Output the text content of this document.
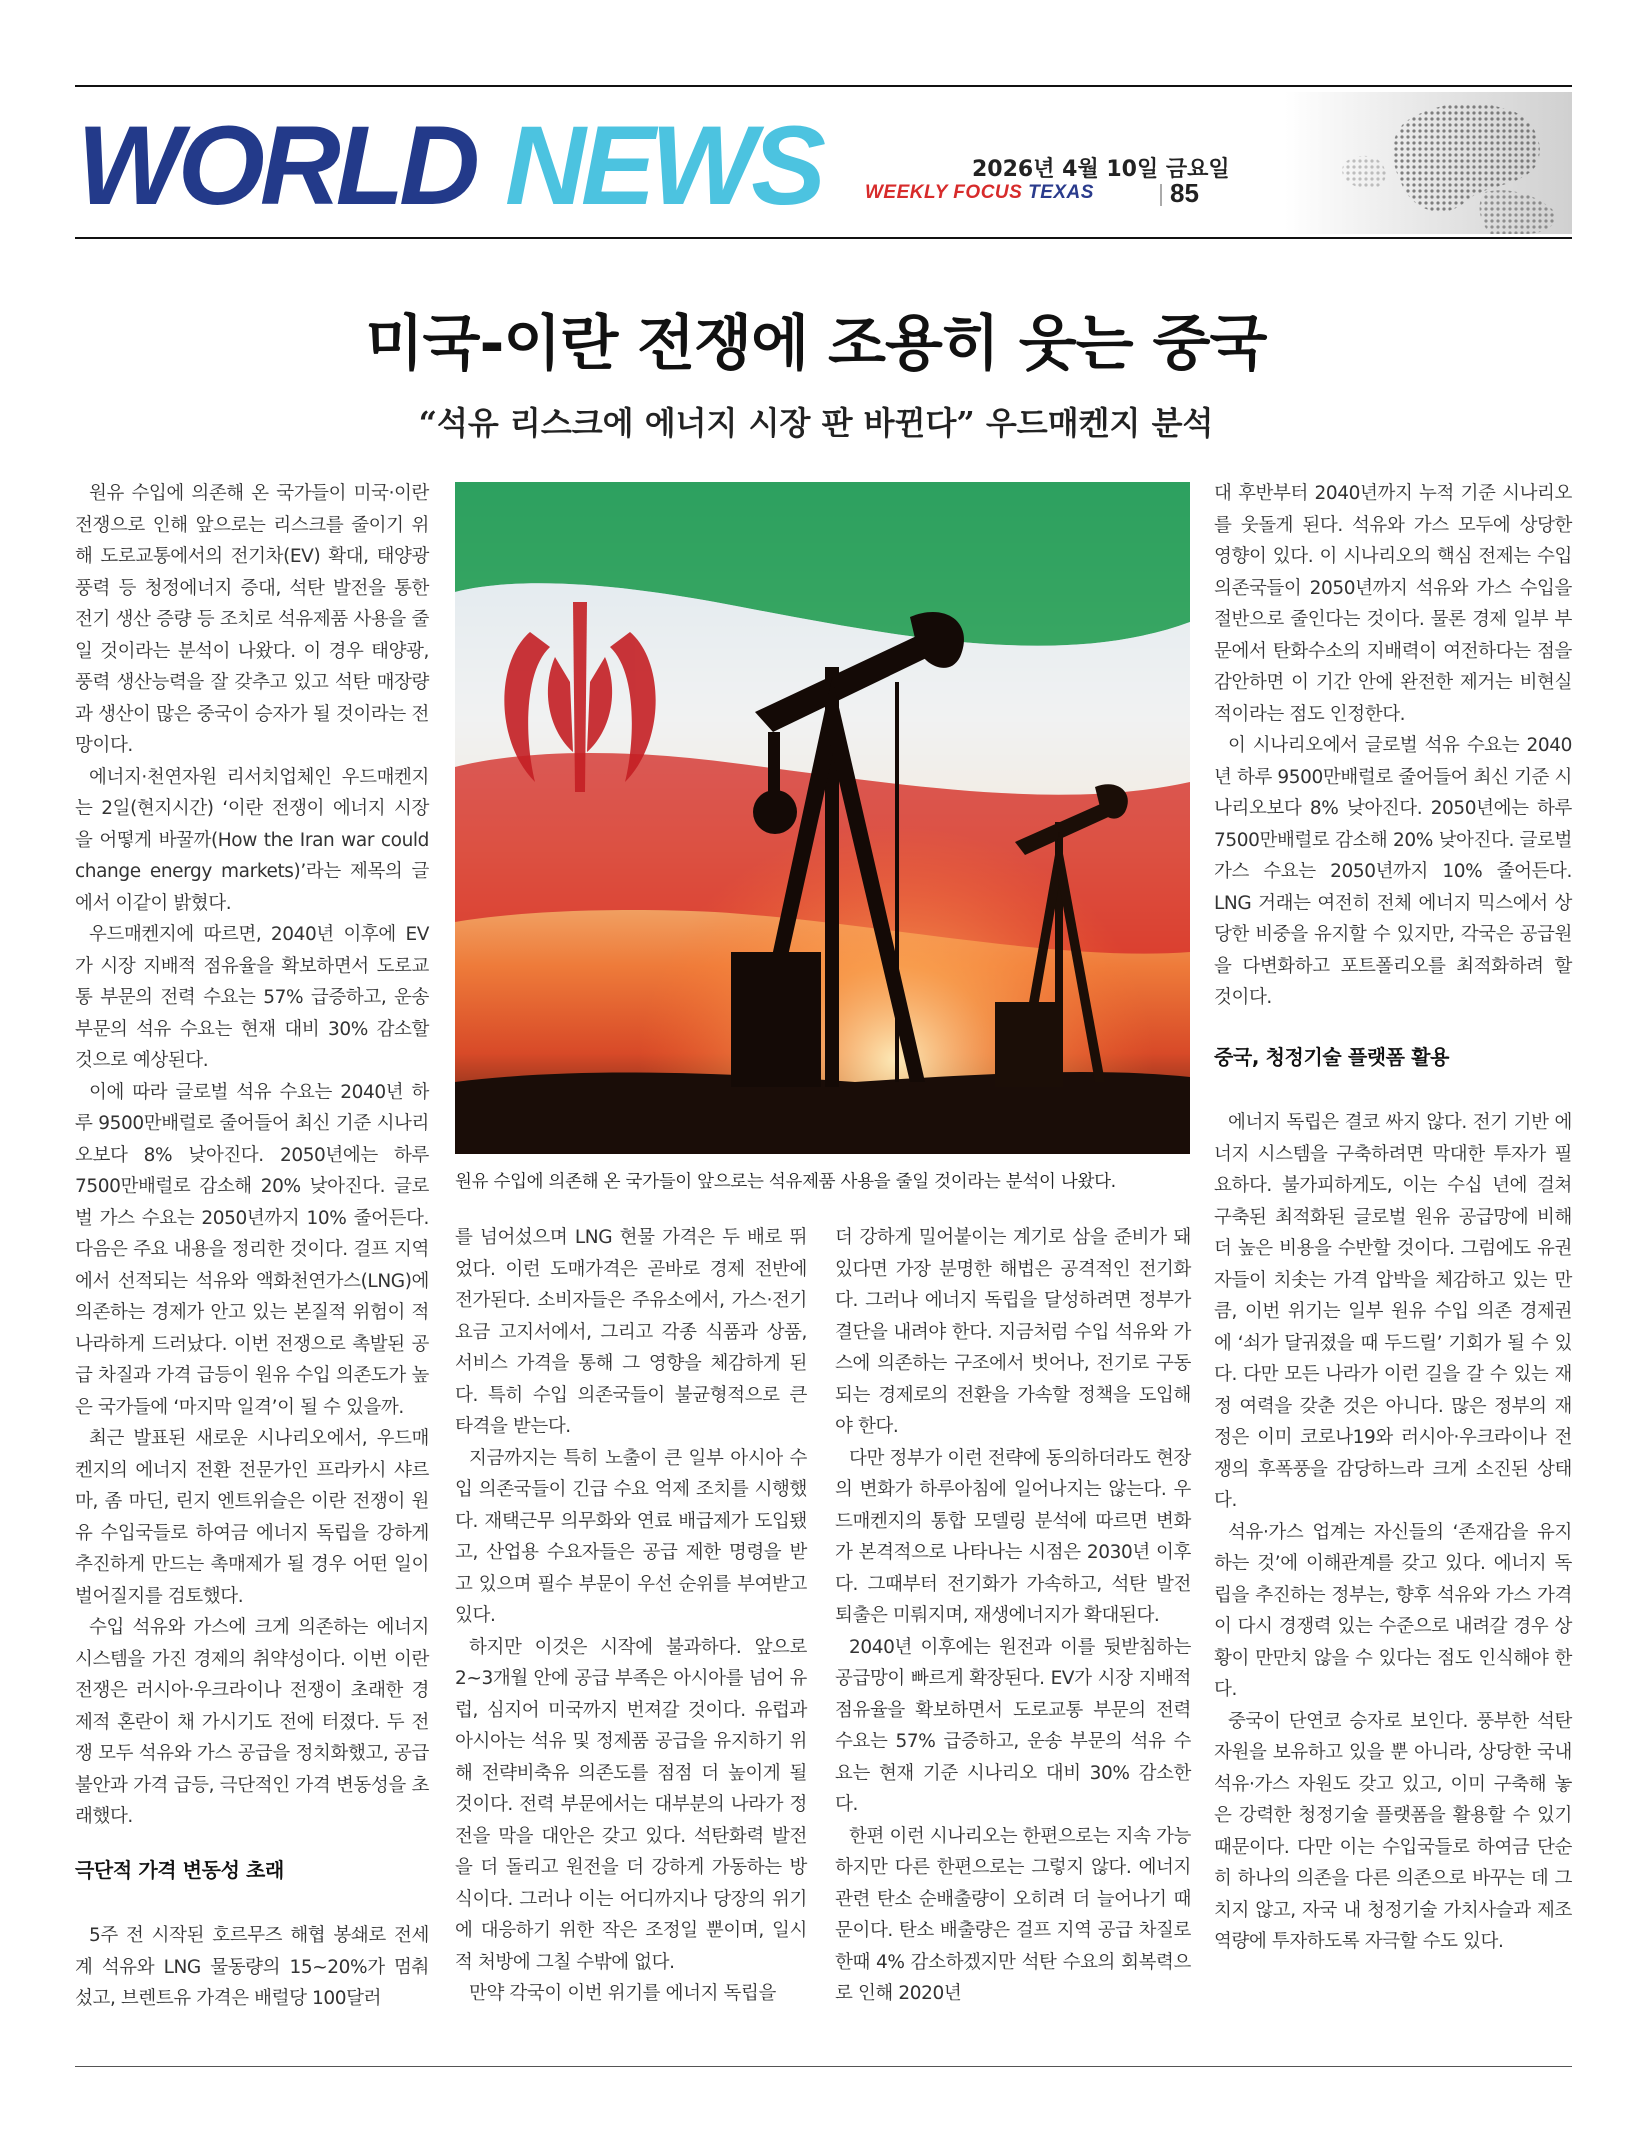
WORLD NEWS	2026년 4월 10일 금요일
WEEKLY FOCUS TEXAS	85
미국-이란 전쟁에 조용히 웃는 중국
“석유 리스크에 에너지 시장 판 바뀐다” 우드매켄지 분석

원유 수입에 의존해 온 국가들이 미국·이란 전쟁으로 인해 앞으로는 리스크를 줄이기 위해 도로교통에서의 전기차(EV) 확대, 태양광 풍력 등 청정에너지 증대, 석탄 발전을 통한 전기 생산 증량 등 조치로 석유제품 사용을 줄일 것이라는 분석이 나왔다. 이 경우 태양광, 풍력 생산능력을 잘 갖추고 있고 석탄 매장량과 생산이 많은 중국이 승자가 될 것이라는 전망이다.

에너지·천연자원 리서치업체인 우드매켄지는 2일(현지시간) ‘이란 전쟁이 에너지 시장을 어떻게 바꿀까(How the Iran war could change energy markets)’라는 제목의 글에서 이같이 밝혔다.

우드매켄지에 따르면, 2040년 이후에 EV가 시장 지배적 점유율을 확보하면서 도로교통 부문의 전력 수요는 57% 급증하고, 운송 부문의 석유 수요는 현재 대비 30% 감소할 것으로 예상된다.

이에 따라 글로벌 석유 수요는 2040년 하루 9500만배럴로 줄어들어 최신 기준 시나리오보다 8% 낮아진다. 2050년에는 하루 7500만배럴로 감소해 20% 낮아진다. 글로벌 가스 수요는 2050년까지 10% 줄어든다. 다음은 주요 내용을 정리한 것이다. 걸프 지역에서 선적되는 석유와 액화천연가스(LNG)에 의존하는 경제가 안고 있는 본질적 위험이 적나라하게 드러났다. 이번 전쟁으로 촉발된 공급 차질과 가격 급등이 원유 수입 의존도가 높은 국가들에 ‘마지막 일격’이 될 수 있을까.

최근 발표된 새로운 시나리오에서, 우드매켄지의 에너지 전환 전문가인 프라카시 샤르마, 좀 마딘, 린지 엔트위슬은 이란 전쟁이 원유 수입국들로 하여금 에너지 독립을 강하게 추진하게 만드는 촉매제가 될 경우 어떤 일이 벌어질지를 검토했다.

수입 석유와 가스에 크게 의존하는 에너지 시스템을 가진 경제의 취약성이다. 이번 이란 전쟁은 러시아·우크라이나 전쟁이 초래한 경제적 혼란이 채 가시기도 전에 터졌다. 두 전쟁 모두 석유와 가스 공급을 정치화했고, 공급 불안과 가격 급등, 극단적인 가격 변동성을 초래했다.

극단적 가격 변동성 초래

5주 전 시작된 호르무즈 해협 봉쇄로 전세계 석유와 LNG 물동량의 15~20%가 멈춰 섰고, 브렌트유 가격은 배럴당 100달러

원유 수입에 의존해 온 국가들이 앞으로는 석유제품 사용을 줄일 것이라는 분석이 나왔다.

를 넘어섰으며 LNG 현물 가격은 두 배로 뛰었다. 이런 도매가격은 곧바로 경제 전반에 전가된다. 소비자들은 주유소에서, 가스·전기 요금 고지서에서, 그리고 각종 식품과 상품, 서비스 가격을 통해 그 영향을 체감하게 된다. 특히 수입 의존국들이 불균형적으로 큰 타격을 받는다.

지금까지는 특히 노출이 큰 일부 아시아 수입 의존국들이 긴급 수요 억제 조치를 시행했다. 재택근무 의무화와 연료 배급제가 도입됐고, 산업용 수요자들은 공급 제한 명령을 받고 있으며 필수 부문이 우선 순위를 부여받고 있다.

하지만 이것은 시작에 불과하다. 앞으로 2~3개월 안에 공급 부족은 아시아를 넘어 유럽, 심지어 미국까지 번져갈 것이다. 유럽과 아시아는 석유 및 정제품 공급을 유지하기 위해 전략비축유 의존도를 점점 더 높이게 될 것이다. 전력 부문에서는 대부분의 나라가 정전을 막을 대안은 갖고 있다. 석탄화력 발전을 더 돌리고 원전을 더 강하게 가동하는 방식이다. 그러나 이는 어디까지나 당장의 위기에 대응하기 위한 작은 조정일 뿐이며, 일시적 처방에 그칠 수밖에 없다.

만약 각국이 이번 위기를 에너지 독립을

더 강하게 밀어붙이는 계기로 삼을 준비가 돼 있다면 가장 분명한 해법은 공격적인 전기화다. 그러나 에너지 독립을 달성하려면 정부가 결단을 내려야 한다. 지금처럼 수입 석유와 가스에 의존하는 구조에서 벗어나, 전기로 구동되는 경제로의 전환을 가속할 정책을 도입해야 한다.

다만 정부가 이런 전략에 동의하더라도 현장의 변화가 하루아침에 일어나지는 않는다. 우드매켄지의 통합 모델링 분석에 따르면 변화가 본격적으로 나타나는 시점은 2030년 이후다. 그때부터 전기화가 가속하고, 석탄 발전 퇴출은 미뤄지며, 재생에너지가 확대된다.

2040년 이후에는 원전과 이를 뒷받침하는 공급망이 빠르게 확장된다. EV가 시장 지배적 점유율을 확보하면서 도로교통 부문의 전력 수요는 57% 급증하고, 운송 부문의 석유 수요는 현재 기준 시나리오 대비 30% 감소한다.

한편 이런 시나리오는 한편으로는 지속 가능하지만 다른 한편으로는 그렇지 않다. 에너지 관련 탄소 순배출량이 오히려 더 늘어나기 때문이다. 탄소 배출량은 걸프 지역 공급 차질로 한때 4% 감소하겠지만 석탄 수요의 회복력으로 인해 2020년

대 후반부터 2040년까지 누적 기준 시나리오를 웃돌게 된다. 석유와 가스 모두에 상당한 영향이 있다. 이 시나리오의 핵심 전제는 수입 의존국들이 2050년까지 석유와 가스 수입을 절반으로 줄인다는 것이다. 물론 경제 일부 부문에서 탄화수소의 지배력이 여전하다는 점을 감안하면 이 기간 안에 완전한 제거는 비현실적이라는 점도 인정한다.

이 시나리오에서 글로벌 석유 수요는 2040년 하루 9500만배럴로 줄어들어 최신 기준 시나리오보다 8% 낮아진다. 2050년에는 하루 7500만배럴로 감소해 20% 낮아진다. 글로벌 가스 수요는 2050년까지 10% 줄어든다. LNG 거래는 여전히 전체 에너지 믹스에서 상당한 비중을 유지할 수 있지만, 각국은 공급원을 다변화하고 포트폴리오를 최적화하려 할 것이다.

중국, 청정기술 플랫폼 활용

에너지 독립은 결코 싸지 않다. 전기 기반 에너지 시스템을 구축하려면 막대한 투자가 필요하다. 불가피하게도, 이는 수십 년에 걸쳐 구축된 최적화된 글로벌 원유 공급망에 비해 더 높은 비용을 수반할 것이다. 그럼에도 유권자들이 치솟는 가격 압박을 체감하고 있는 만큼, 이번 위기는 일부 원유 수입 의존 경제권에 ‘쇠가 달궈졌을 때 두드릴’ 기회가 될 수 있다. 다만 모든 나라가 이런 길을 갈 수 있는 재정 여력을 갖춘 것은 아니다. 많은 정부의 재정은 이미 코로나19와 러시아·우크라이나 전쟁의 후폭풍을 감당하느라 크게 소진된 상태다.

석유·가스 업계는 자신들의 ‘존재감을 유지하는 것’에 이해관계를 갖고 있다. 에너지 독립을 추진하는 정부는, 향후 석유와 가스 가격이 다시 경쟁력 있는 수준으로 내려갈 경우 상황이 만만치 않을 수 있다는 점도 인식해야 한다.

중국이 단연코 승자로 보인다. 풍부한 석탄 자원을 보유하고 있을 뿐 아니라, 상당한 국내 석유·가스 자원도 갖고 있고, 이미 구축해 놓은 강력한 청정기술 플랫폼을 활용할 수 있기 때문이다. 다만 이는 수입국들로 하여금 단순히 하나의 의존을 다른 의존으로 바꾸는 데 그치지 않고, 자국 내 청정기술 가치사슬과 제조 역량에 투자하도록 자극할 수도 있다.
